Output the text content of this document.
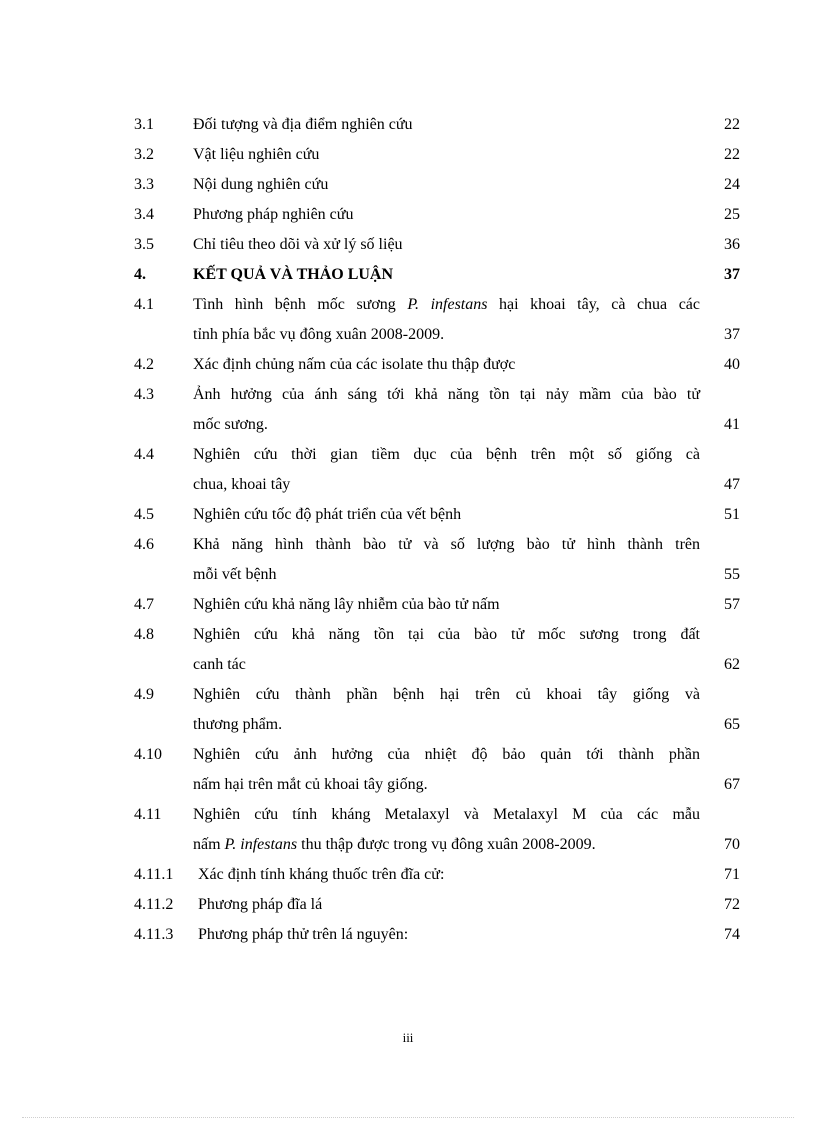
3.1	Đối tượng và địa điểm nghiên cứu	22
3.2	Vật liệu nghiên cứu	22
3.3	Nội dung nghiên cứu	24
3.4	Phương pháp nghiên cứu	25
3.5	Chỉ tiêu theo dõi và xử lý số liệu	36
4.	KẾT QUẢ VÀ THẢO LUẬN	37
4.1	Tình hình bệnh mốc sương P. infestans hại khoai tây, cà chua các
tỉnh phía bắc vụ đông xuân 2008-2009.	37
4.2	Xác định chủng nấm của các isolate thu thập được	40
4.3	Ảnh hưởng của ánh sáng tới khả năng tồn tại nảy mầm của bào tử
mốc sương.	41
4.4	Nghiên cứu thời gian tiềm dục của bệnh trên một số giống cà
chua, khoai tây	47
4.5	Nghiên cứu tốc độ phát triển của vết bệnh	51
4.6	Khả năng hình thành bào tử và số lượng bào tử hình thành trên
mỗi vết bệnh	55
4.7	Nghiên cứu khả năng lây nhiễm của bào tử nấm	57
4.8	Nghiên cứu khả năng tồn tại của bào tử mốc sương trong đất
canh tác	62
4.9	Nghiên cứu thành phần bệnh hại trên củ khoai tây giống và
thương phẩm.	65
4.10	Nghiên cứu ảnh hưởng của nhiệt độ bảo quản tới thành phần
nấm hại trên mắt củ khoai tây giống.	67
4.11	Nghiên cứu tính kháng Metalaxyl và Metalaxyl M của các mẫu
nấm P. infestans thu thập được trong vụ đông xuân 2008-2009.	70
4.11.1	Xác định tính kháng thuốc trên đĩa cử:	71
4.11.2	Phương pháp đĩa lá	72
4.11.3	Phương pháp thử trên lá nguyên:	74
iii
